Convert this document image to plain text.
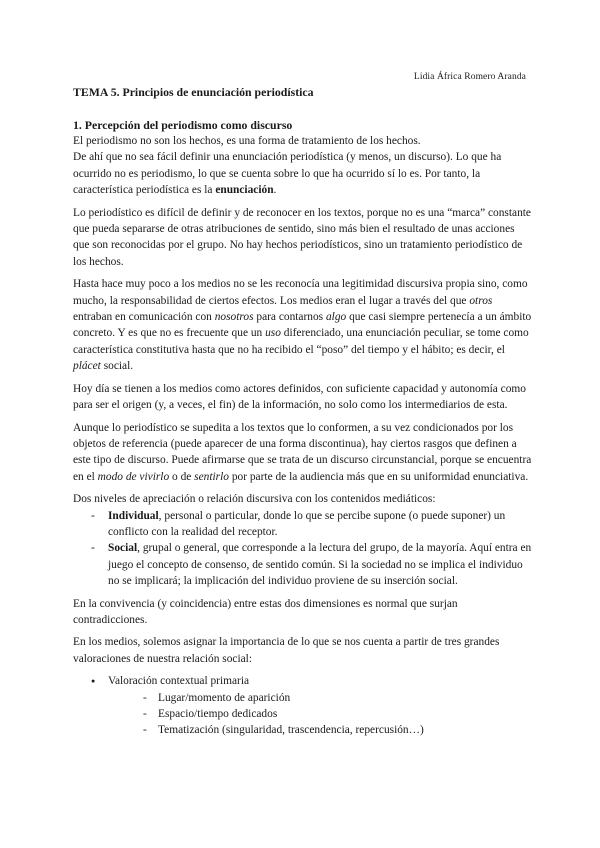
Lidia África Romero Aranda
TEMA 5. Principios de enunciación periodística
1. Percepción del periodismo como discurso

El periodismo no son los hechos, es una forma de tratamiento de los hechos.

De ahí que no sea fácil definir una enunciación periodística (y menos, un discurso). Lo que ha ocurrido no es periodismo, lo que se cuenta sobre lo que ha ocurrido sí lo es. Por tanto, la característica periodística es la enunciación.

Lo periodístico es difícil de definir y de reconocer en los textos, porque no es una “marca” constante que pueda separarse de otras atribuciones de sentido, sino más bien el resultado de unas acciones que son reconocidas por el grupo. No hay hechos periodísticos, sino un tratamiento periodístico de los hechos.

Hasta hace muy poco a los medios no se les reconocía una legitimidad discursiva propia sino, como mucho, la responsabilidad de ciertos efectos. Los medios eran el lugar a través del que otros entraban en comunicación con nosotros para contarnos algo que casi siempre pertenecía a un ámbito concreto. Y es que no es frecuente que un uso diferenciado, una enunciación peculiar, se tome como característica constitutiva hasta que no ha recibido el “poso” del tiempo y el hábito; es decir, el plácet social.

Hoy día se tienen a los medios como actores definidos, con suficiente capacidad y autonomía como para ser el origen (y, a veces, el fin) de la información, no solo como los intermediarios de esta.

Aunque lo periodístico se supedita a los textos que lo conformen, a su vez condicionados por los objetos de referencia (puede aparecer de una forma discontinua), hay ciertos rasgos que definen a este tipo de discurso. Puede afirmarse que se trata de un discurso circunstancial, porque se encuentra en el modo de vivirlo o de sentirlo por parte de la audiencia más que en su uniformidad enunciativa.

Dos niveles de apreciación o relación discursiva con los contenidos mediáticos:

- Individual, personal o particular, donde lo que se percibe supone (o puede suponer) un conflicto con la realidad del receptor.
- Social, grupal o general, que corresponde a la lectura del grupo, de la mayoría. Aquí entra en juego el concepto de consenso, de sentido común. Si la sociedad no se implica el individuo no se implicará; la implicación del individuo proviene de su inserción social.

En la convivencia (y coincidencia) entre estas dos dimensiones es normal que surjan contradicciones.

En los medios, solemos asignar la importancia de lo que se nos cuenta a partir de tres grandes valoraciones de nuestra relación social:

● Valoración contextual primaria
- Lugar/momento de aparición
- Espacio/tiempo dedicados
- Tematización (singularidad, trascendencia, repercusión…)
